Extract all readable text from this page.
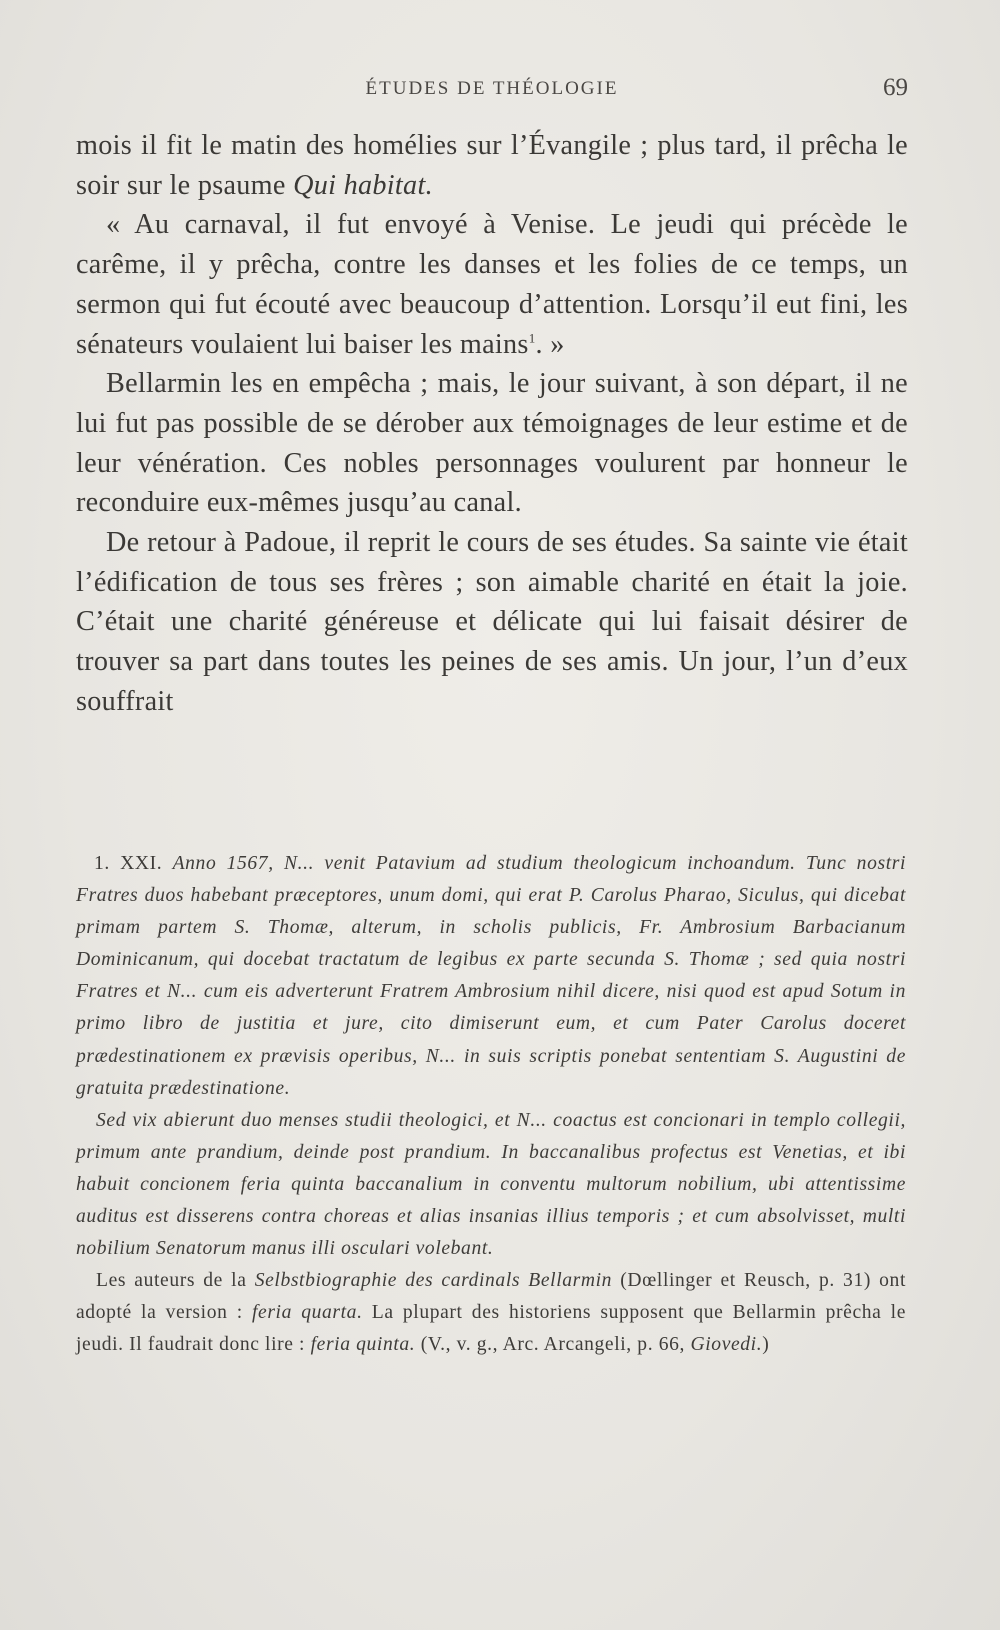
ÉTUDES DE THÉOLOGIE	69

mois il fit le matin des homélies sur l’Évangile ; plus tard, il prêcha le soir sur le psaume Qui habitat.

« Au carnaval, il fut envoyé à Venise. Le jeudi qui précède le carême, il y prêcha, contre les danses et les folies de ce temps, un sermon qui fut écouté avec beaucoup d’attention. Lorsqu’il eut fini, les sénateurs voulaient lui baiser les mains$^1$. »

Bellarmin les en empêcha ; mais, le jour suivant, à son départ, il ne lui fut pas possible de se dérober aux témoignages de leur estime et de leur vénération. Ces nobles personnages voulurent par honneur le reconduire eux-mêmes jusqu’au canal.

De retour à Padoue, il reprit le cours de ses études. Sa sainte vie était l’édification de tous ses frères ; son aimable charité en était la joie. C’était une charité généreuse et délicate qui lui faisait désirer de trouver sa part dans toutes les peines de ses amis. Un jour, l’un d’eux souffrait

1. XXI. Anno 1567, N... venit Patavium ad studium theologicum inchoandum. Tunc nostri Fratres duos habebant præceptores, unum domi, qui erat P. Carolus Pharao, Siculus, qui dicebat primam partem S. Thomæ, alterum, in scholis publicis, Fr. Ambrosium Barbacianum Dominicanum, qui docebat tractatum de legibus ex parte secunda S. Thomæ ; sed quia nostri Fratres et N... cum eis adverterunt Fratrem Ambrosium nihil dicere, nisi quod est apud Sotum in primo libro de justitia et jure, cito dimiserunt eum, et cum Pater Carolus doceret prædestinationem ex prævisis operibus, N... in suis scriptis ponebat sententiam S. Augustini de gratuita prædestinatione.

Sed vix abierunt duo menses studii theologici, et N... coactus est concionari in templo collegii, primum ante prandium, deinde post prandium. In baccanalibus profectus est Venetias, et ibi habuit concionem feria quinta baccanalium in conventu multorum nobilium, ubi attentissime auditus est disserens contra choreas et alias insanias illius temporis ; et cum absolvisset, multi nobilium Senatorum manus illi osculari volebant.

Les auteurs de la Selbstbiographie des cardinals Bellarmin (Dœllinger et Reusch, p. 31) ont adopté la version : feria quarta. La plupart des historiens supposent que Bellarmin prêcha le jeudi. Il faudrait donc lire : feria quinta. (V., v. g., Arc. Arcangeli, p. 66, Giovedi.)
